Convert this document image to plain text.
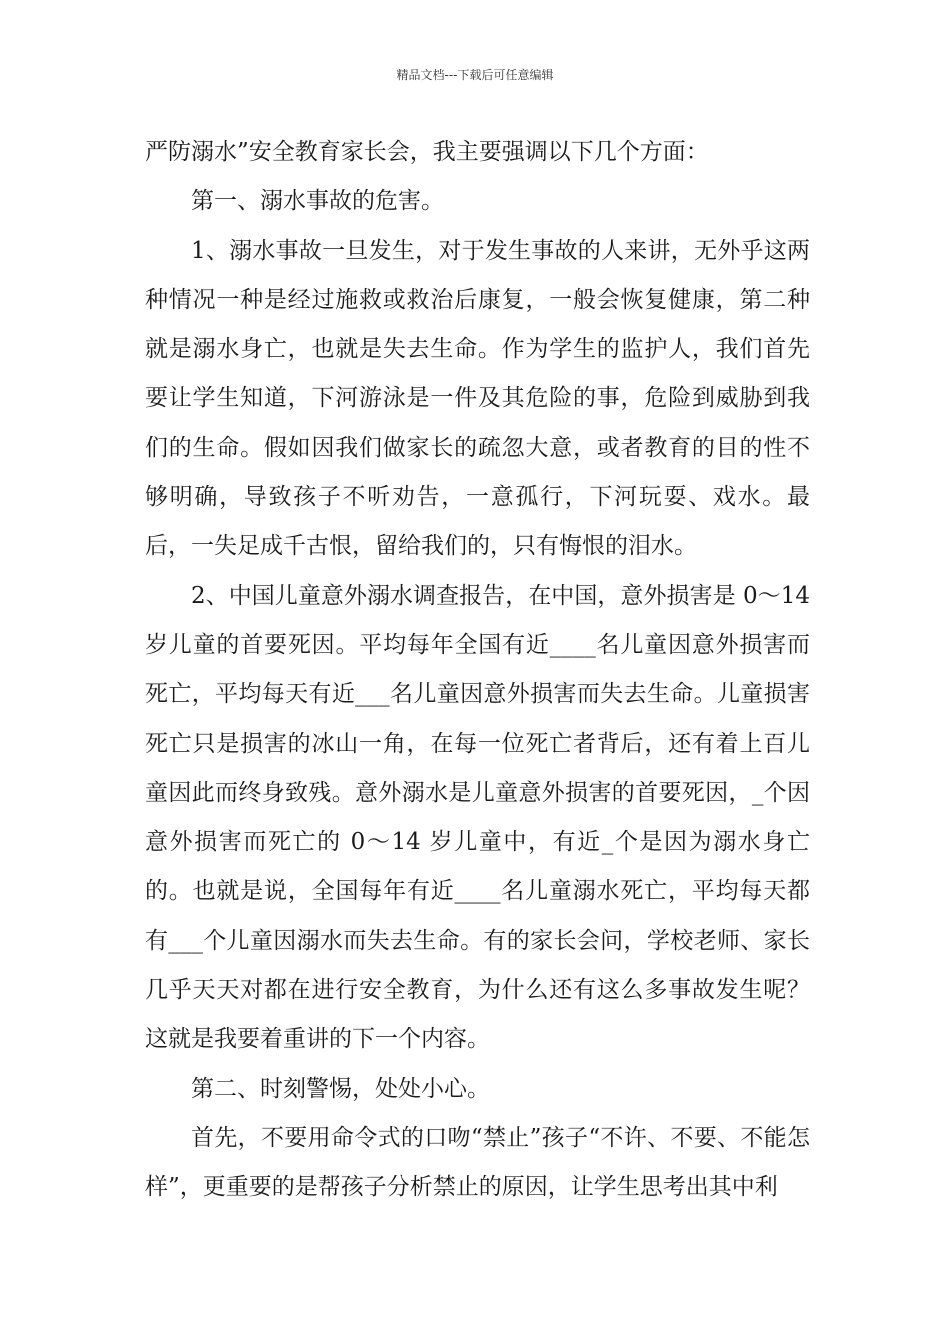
精品文档---下载后可任意编辑

严防溺水”安全教育家长会，我主要强调以下几个方面：

第一、溺水事故的危害。

1、溺水事故一旦发生，对于发生事故的人来讲，无外乎这两种情况一种是经过施救或救治后康复，一般会恢复健康，第二种就是溺水身亡，也就是失去生命。作为学生的监护人，我们首先要让学生知道，下河游泳是一件及其危险的事，危险到威胁到我们的生命。假如因我们做家长的疏忽大意，或者教育的目的性不够明确，导致孩子不听劝告，一意孤行，下河玩耍、戏水。最后，一失足成千古恨，留给我们的，只有悔恨的泪水。

2、中国儿童意外溺水调查报告，在中国，意外损害是 0～14 岁儿童的首要死因。平均每年全国有近____名儿童因意外损害而死亡，平均每天有近___名儿童因意外损害而失去生命。儿童损害死亡只是损害的冰山一角，在每一位死亡者背后，还有着上百儿童因此而终身致残。意外溺水是儿童意外损害的首要死因，_个因意外损害而死亡的 0～14 岁儿童中，有近_个是因为溺水身亡的。也就是说，全国每年有近____名儿童溺水死亡，平均每天都有___个儿童因溺水而失去生命。有的家长会问，学校老师、家长几乎天天对都在进行安全教育，为什么还有这么多事故发生呢？这就是我要着重讲的下一个内容。

第二、时刻警惕，处处小心。

首先，不要用命令式的口吻“禁止”孩子“不许、不要、不能怎样”，更重要的是帮孩子分析禁止的原因，让学生思考出其中利
